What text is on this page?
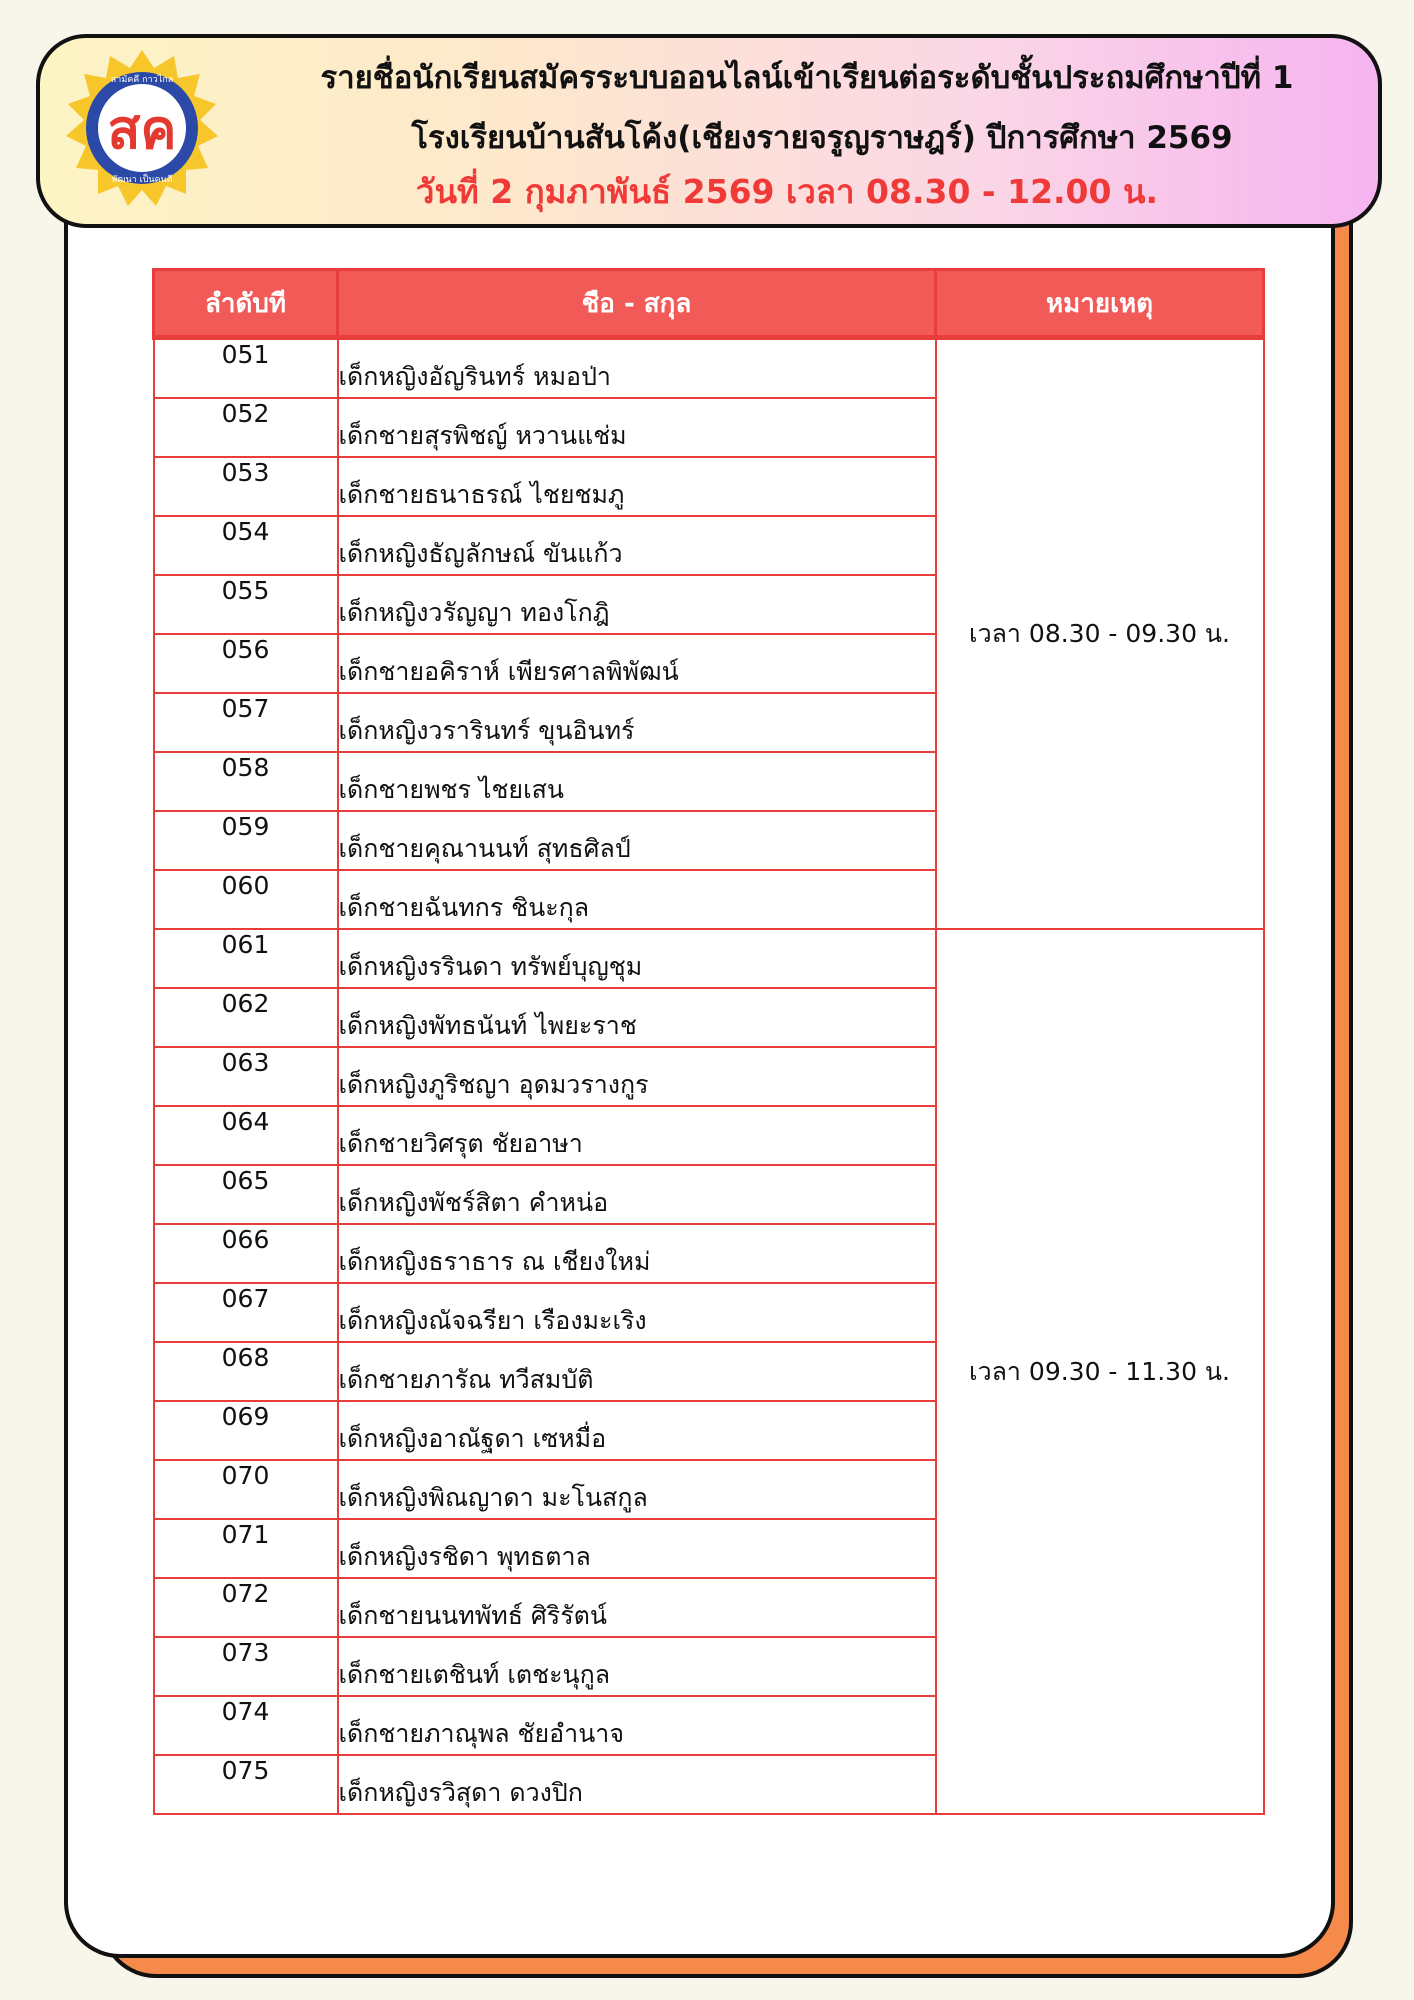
สค
สามัคคี กาวไกล
พัฒนา เป็นคนดี
รายชื่อนักเรียนสมัครระบบออนไลน์เข้าเรียนต่อระดับชั้นประถมศึกษาปีที่ 1
โรงเรียนบ้านสันโค้ง(เชียงรายจรูญราษฎร์) ปีการศึกษา 2569
วันที่ 2 กุมภาพันธ์ 2569 เวลา 08.30 - 12.00 น.
ลำดับที	ชือ - สกุล	หมายเหตุ
051	เด็กหญิงอัญรินทร์ หมอป่า	เวลา 08.30 - 09.30 น.
052	เด็กชายสุรพิชญ์ หวานแช่ม	
053	เด็กชายธนาธรณ์ ไชยชมภู	
054	เด็กหญิงธัญลักษณ์ ขันแก้ว	
055	เด็กหญิงวรัญญา ทองโกฎิ	
056	เด็กชายอคิราห์ เพียรศาลพิพัฒน์	
057	เด็กหญิงวรารินทร์ ขุนอินทร์	
058	เด็กชายพชร ไชยเสน	
059	เด็กชายคุณานนท์ สุทธศิลป์	
060	เด็กชายฉันทกร ชินะกุล	
061	เด็กหญิงรรินดา ทรัพย์บุญชุม	เวลา 09.30 - 11.30 น.
062	เด็กหญิงพัทธนันท์ ไพยะราช	
063	เด็กหญิงภูริชญา อุดมวรางกูร	
064	เด็กชายวิศรุต ชัยอาษา	
065	เด็กหญิงพัชร์สิตา คำหน่อ	
066	เด็กหญิงธราธาร ณ เชียงใหม่	
067	เด็กหญิงณัจฉรียา เรืองมะเริง	
068	เด็กชายภารัณ ทวีสมบัติ	
069	เด็กหญิงอาณัฐดา เซหมื่อ	
070	เด็กหญิงพิณญาดา มะโนสกูล	
071	เด็กหญิงรชิดา พุทธตาล	
072	เด็กชายนนทพัทธ์ ศิริรัตน์	
073	เด็กชายเตชินท์ เตชะนุกูล	
074	เด็กชายภาณุพล ชัยอำนาจ	
075	เด็กหญิงรวิสุดา ดวงปิก	
